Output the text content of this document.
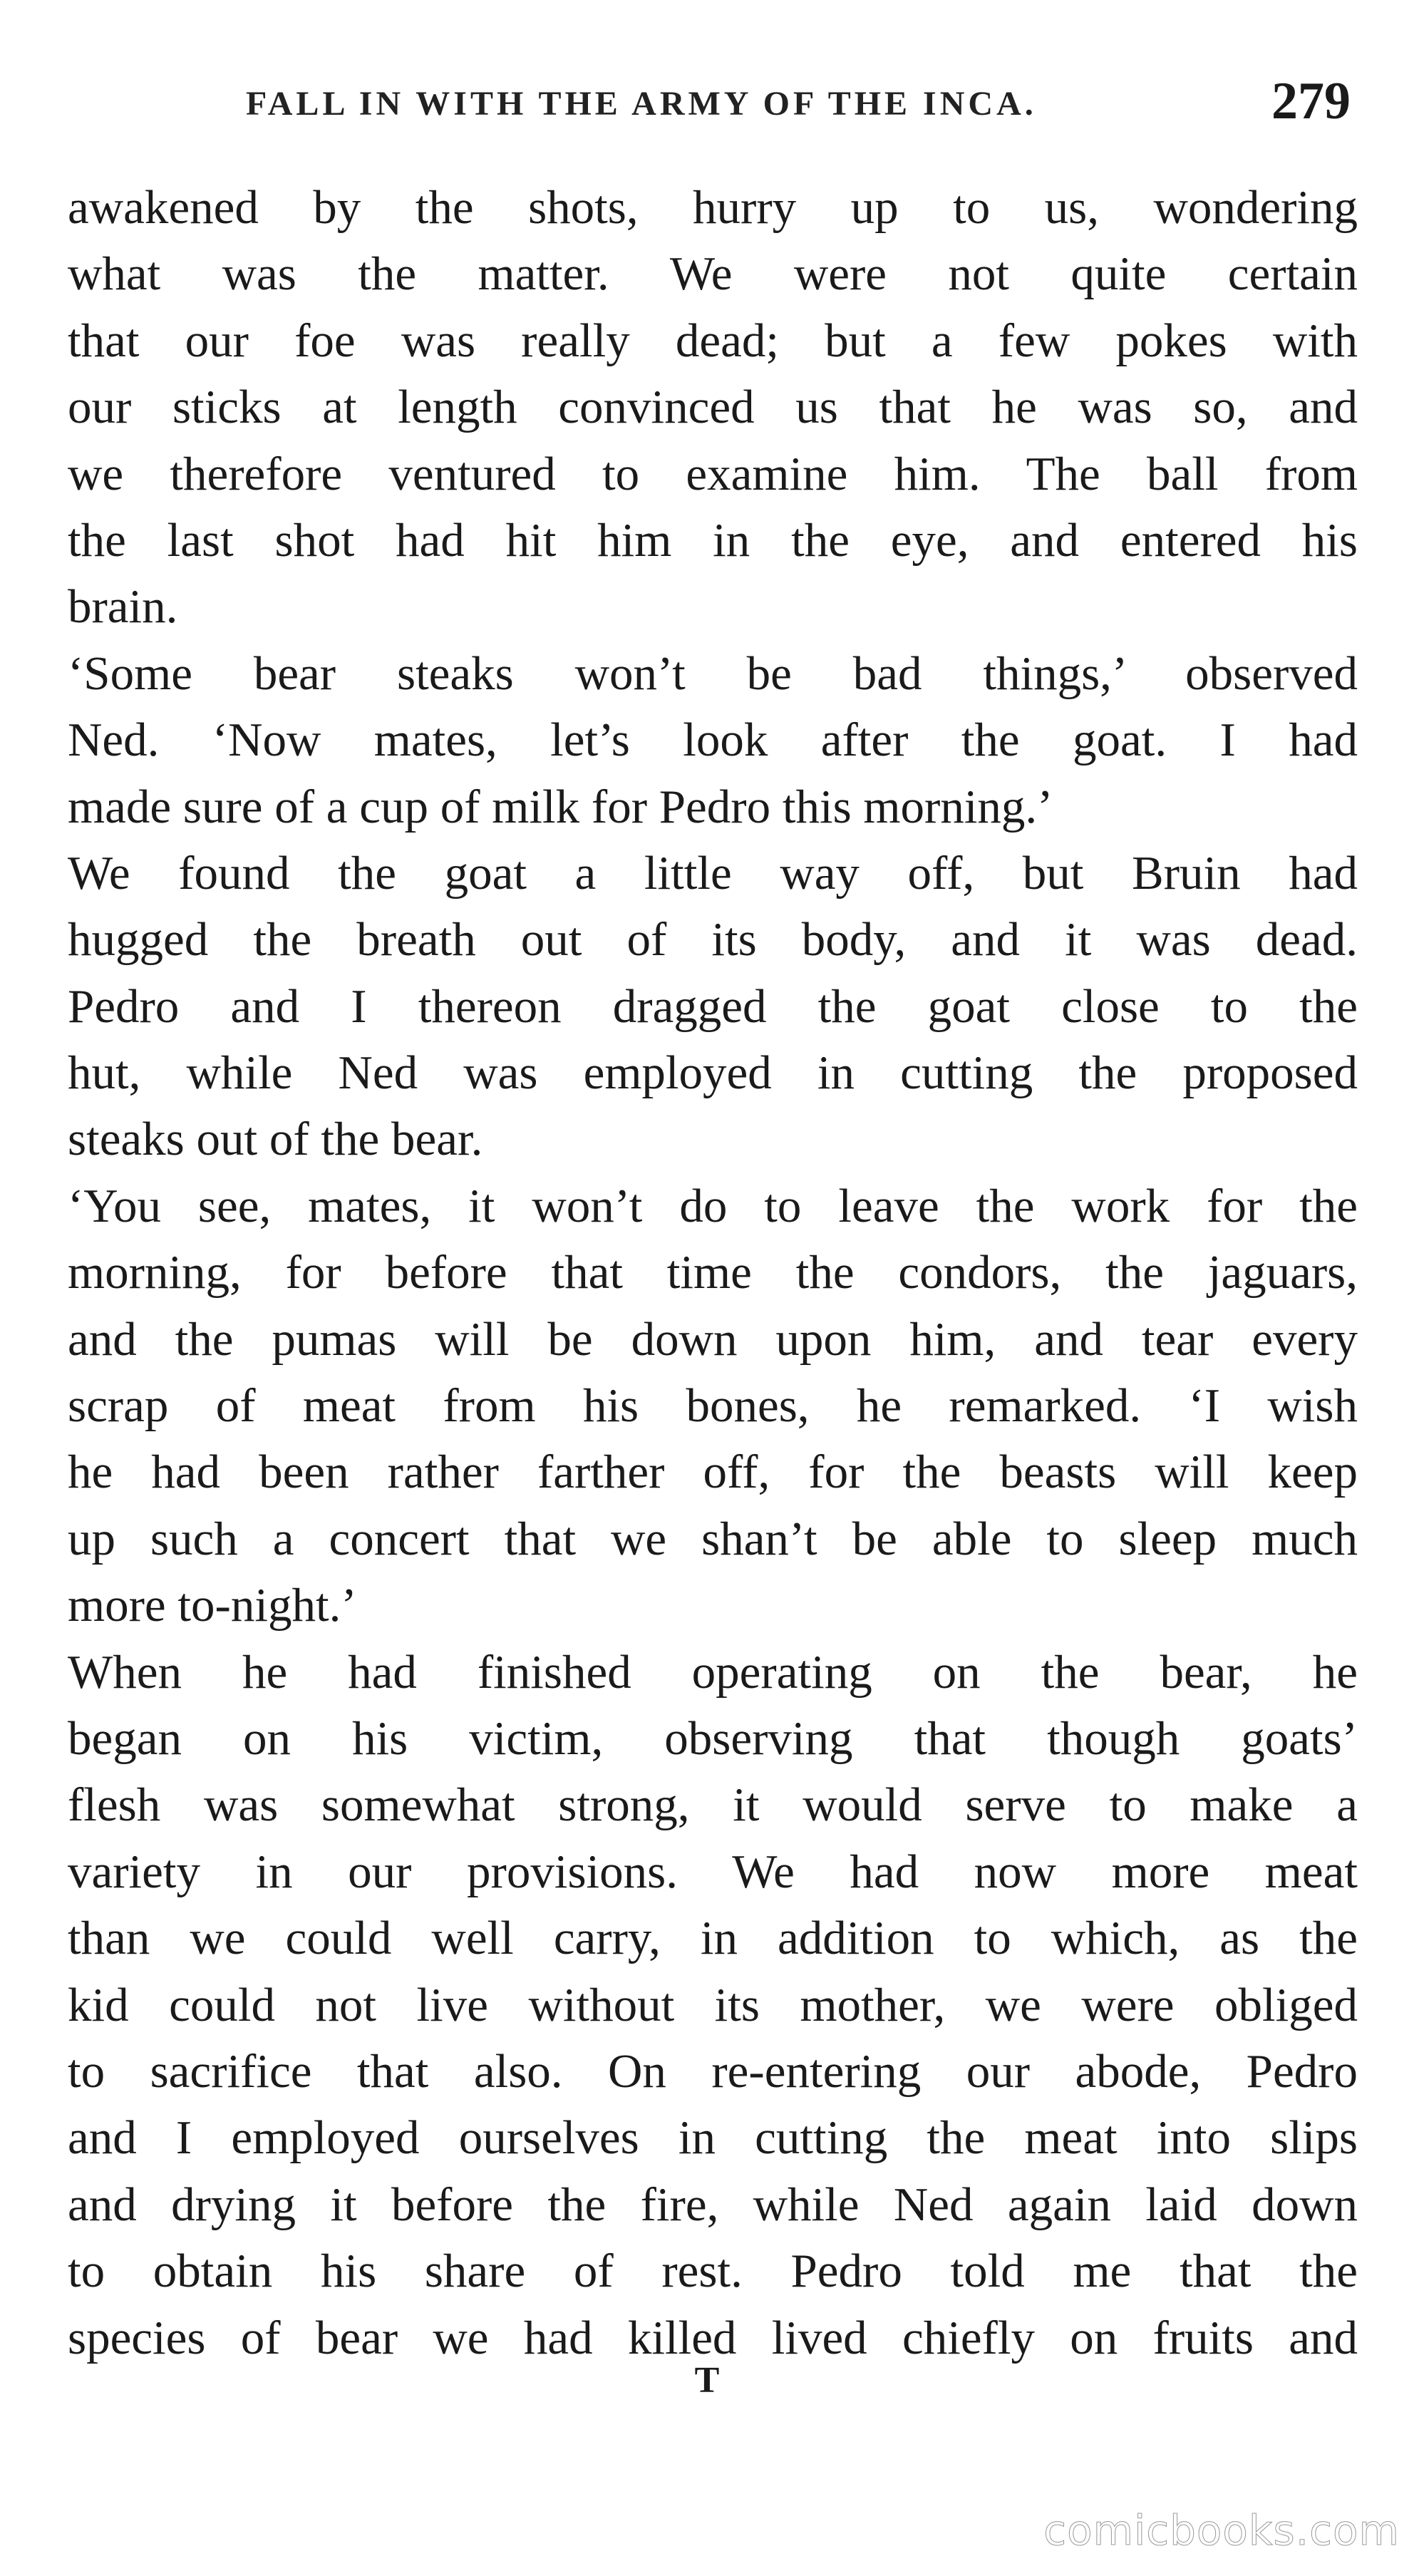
FALL IN WITH THE ARMY OF THE INCA.	279
awakened by the shots, hurry up to us, wondering
what was the matter. We were not quite certain
that our foe was really dead; but a few pokes with
our sticks at length convinced us that he was so, and
we therefore ventured to examine him. The ball from
the last shot had hit him in the eye, and entered his
brain.
‘Some bear steaks won’t be bad things,’ observed
Ned. ‘Now mates, let’s look after the goat. I had
made sure of a cup of milk for Pedro this morning.’
We found the goat a little way off, but Bruin had
hugged the breath out of its body, and it was dead.
Pedro and I thereon dragged the goat close to the
hut, while Ned was employed in cutting the proposed
steaks out of the bear.
‘You see, mates, it won’t do to leave the work for the
morning, for before that time the condors, the jaguars,
and the pumas will be down upon him, and tear every
scrap of meat from his bones, he remarked. ‘I wish
he had been rather farther off, for the beasts will keep
up such a concert that we shan’t be able to sleep much
more to-night.’
When he had finished operating on the bear, he
began on his victim, observing that though goats’
flesh was somewhat strong, it would serve to make a
variety in our provisions. We had now more meat
than we could well carry, in addition to which, as the
kid could not live without its mother, we were obliged
to sacrifice that also. On re-entering our abode, Pedro
and I employed ourselves in cutting the meat into slips
and drying it before the fire, while Ned again laid down
to obtain his share of rest. Pedro told me that the
species of bear we had killed lived chiefly on fruits and
T
comicbooks.com
